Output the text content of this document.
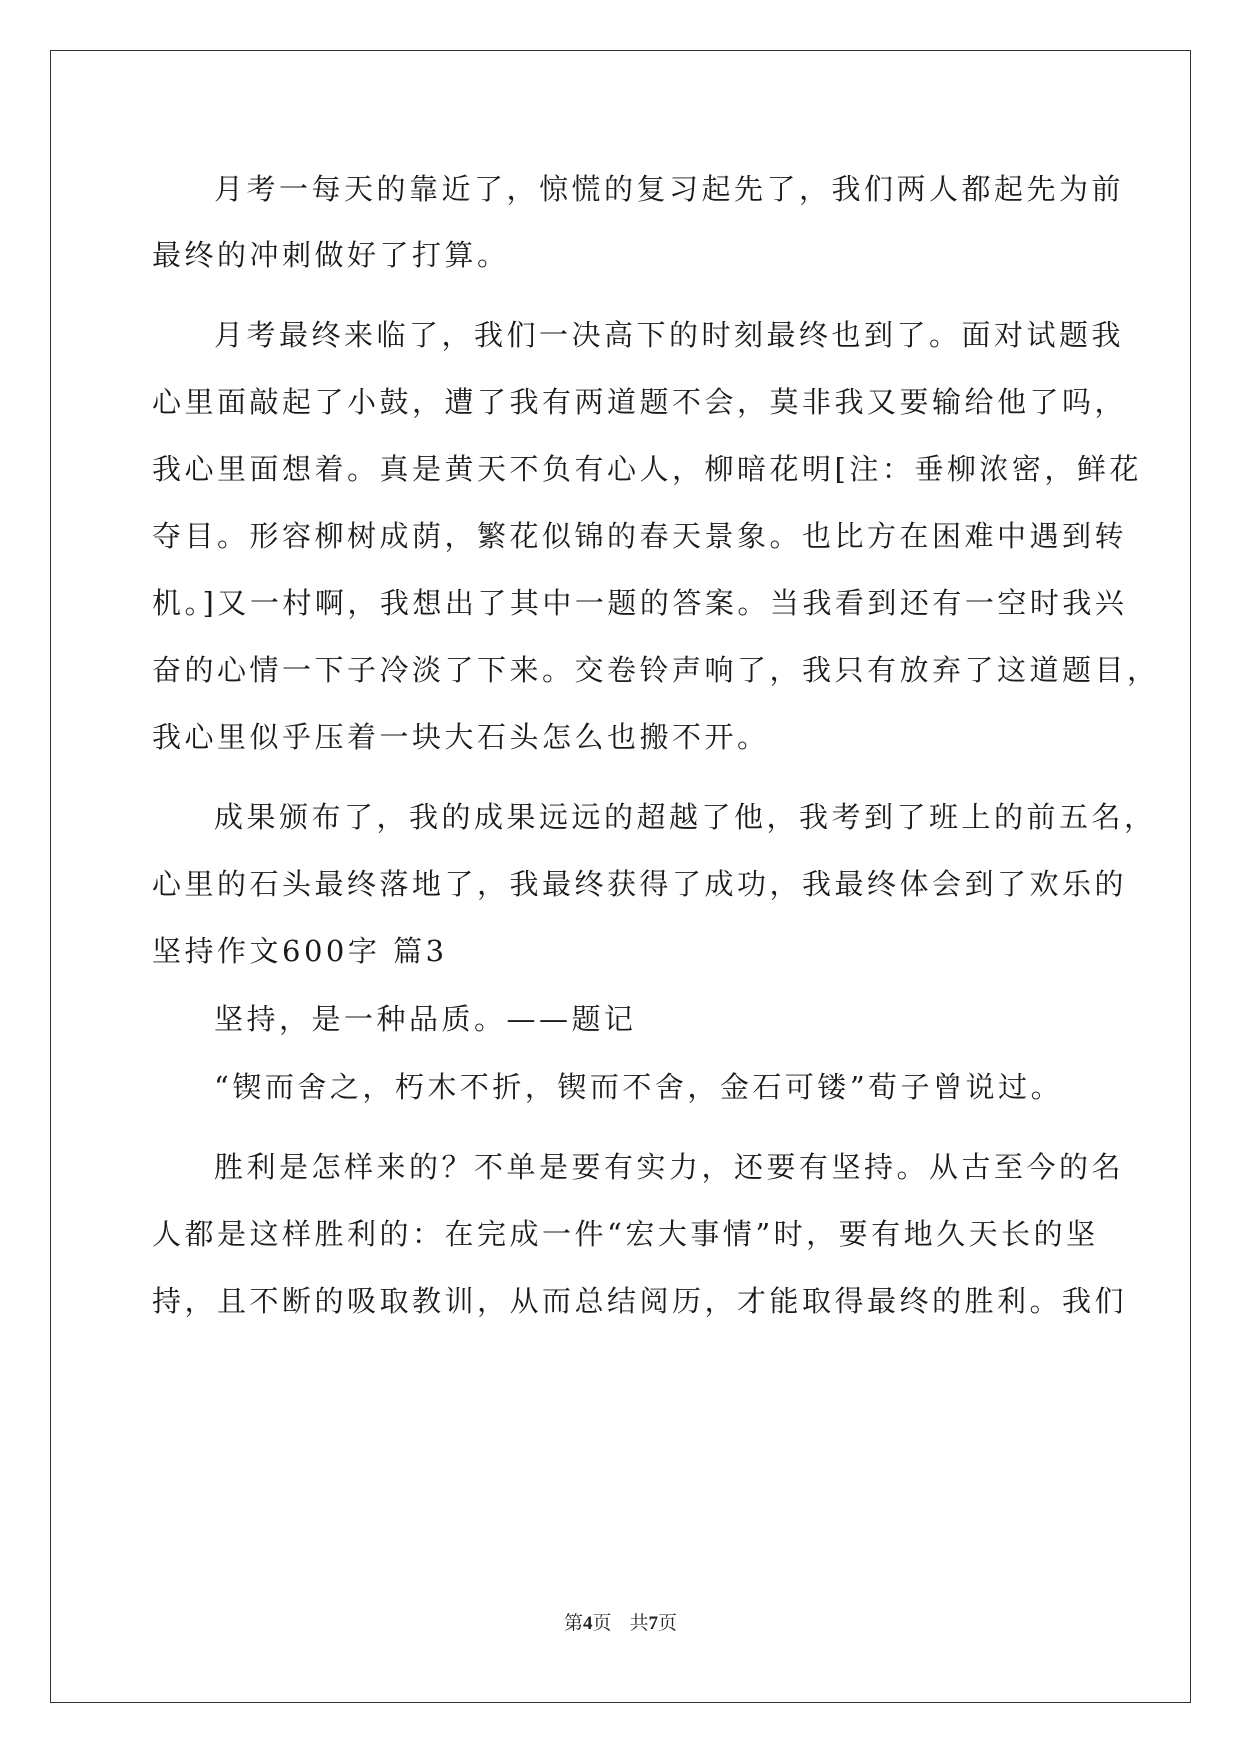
月考一每天的靠近了，惊慌的复习起先了，我们两人都起先为前
最终的冲刺做好了打算。
月考最终来临了，我们一决高下的时刻最终也到了。面对试题我
心里面敲起了小鼓，遭了我有两道题不会，莫非我又要输给他了吗，
我心里面想着。真是黄天不负有心人，柳暗花明[注：垂柳浓密，鲜花
夺目。形容柳树成荫，繁花似锦的春天景象。也比方在困难中遇到转
机。]又一村啊，我想出了其中一题的答案。当我看到还有一空时我兴
奋的心情一下子冷淡了下来。交卷铃声响了，我只有放弃了这道题目，
我心里似乎压着一块大石头怎么也搬不开。
成果颁布了，我的成果远远的超越了他，我考到了班上的前五名，
心里的石头最终落地了，我最终获得了成功，我最终体会到了欢乐的
坚持作文600字 篇3
坚持，是一种品质。——题记
“锲而舍之，朽木不折，锲而不舍，金石可镂”荀子曾说过。
胜利是怎样来的？不单是要有实力，还要有坚持。从古至今的名
人都是这样胜利的：在完成一件“宏大事情”时，要有地久天长的坚
持，且不断的吸取教训，从而总结阅历，才能取得最终的胜利。我们
第4页 共7页
